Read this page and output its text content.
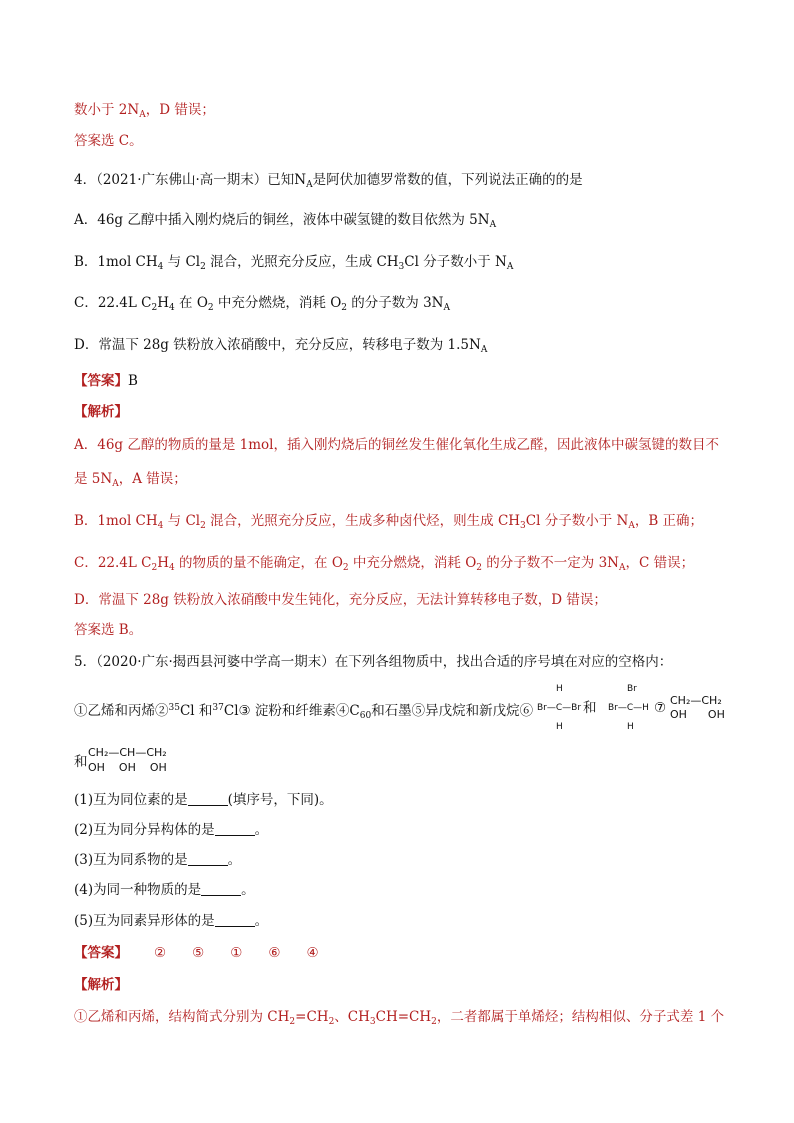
数小于 $2N_A$，D 错误；
答案选 C。
4．（2021·广东佛山·高一期末）已知$N_A$是阿伏加德罗常数的值，下列说法正确的的是
A．46g 乙醇中插入刚灼烧后的铜丝，液体中碳氢键的数目依然为 $5N_A$
B．1mol $CH_4$ 与 $Cl_2$ 混合，光照充分反应，生成 $CH_3Cl$ 分子数小于 $N_A$
C．22.4L $C_2H_4$ 在 $O_2$ 中充分燃烧，消耗 $O_2$ 的分子数为 $3N_A$
D．常温下 28g 铁粉放入浓硝酸中，充分反应，转移电子数为 $1.5N_A$
【答案】B
【解析】
A．46g 乙醇的物质的量是 1mol，插入刚灼烧后的铜丝发生催化氧化生成乙醛，因此液体中碳氢键的数目不
是 $5N_A$，A 错误；
B．1mol $CH_4$ 与 $Cl_2$ 混合，光照充分反应，生成多种卤代烃，则生成 $CH_3Cl$ 分子数小于 $N_A$，B 正确；
C．22.4L $C_2H_4$ 的物质的量不能确定，在 $O_2$ 中充分燃烧，消耗 $O_2$ 的分子数不一定为 $3N_A$，C 错误；
D．常温下 28g 铁粉放入浓硝酸中发生钝化，充分反应，无法计算转移电子数，D 错误；
答案选 B。
5．（2020·广东·揭西县河婆中学高一期末）在下列各组物质中，找出合适的序号填在对应的空格内：
①乙烯和丙烯②$^{35}$Cl 和$^{37}$Cl③ 淀粉和纤维素$④C_{60}$和石墨⑤异戊烷和新戊烷⑥
H
Br—C—Br
H
和
Br
Br—C—H
H
⑦ CH₂—CH₂
OH      OH
和
CH₂—CH—CH₂
OH    OH    OH
(1)互为同位素的是	(填序号，下同)。
(2)互为同分异构体的是	。
(3)互为同系物的是	。
(4)为同一种物质的是	。
(5)互为同素异形体的是	。
【答案】 ② ⑤ ① ⑥ ④
【解析】
①乙烯和丙烯，结构简式分别为 $CH_2=CH_2$、$CH_3CH=CH_2$，二者都属于单烯烃；结构相似、分子式差 1 个
